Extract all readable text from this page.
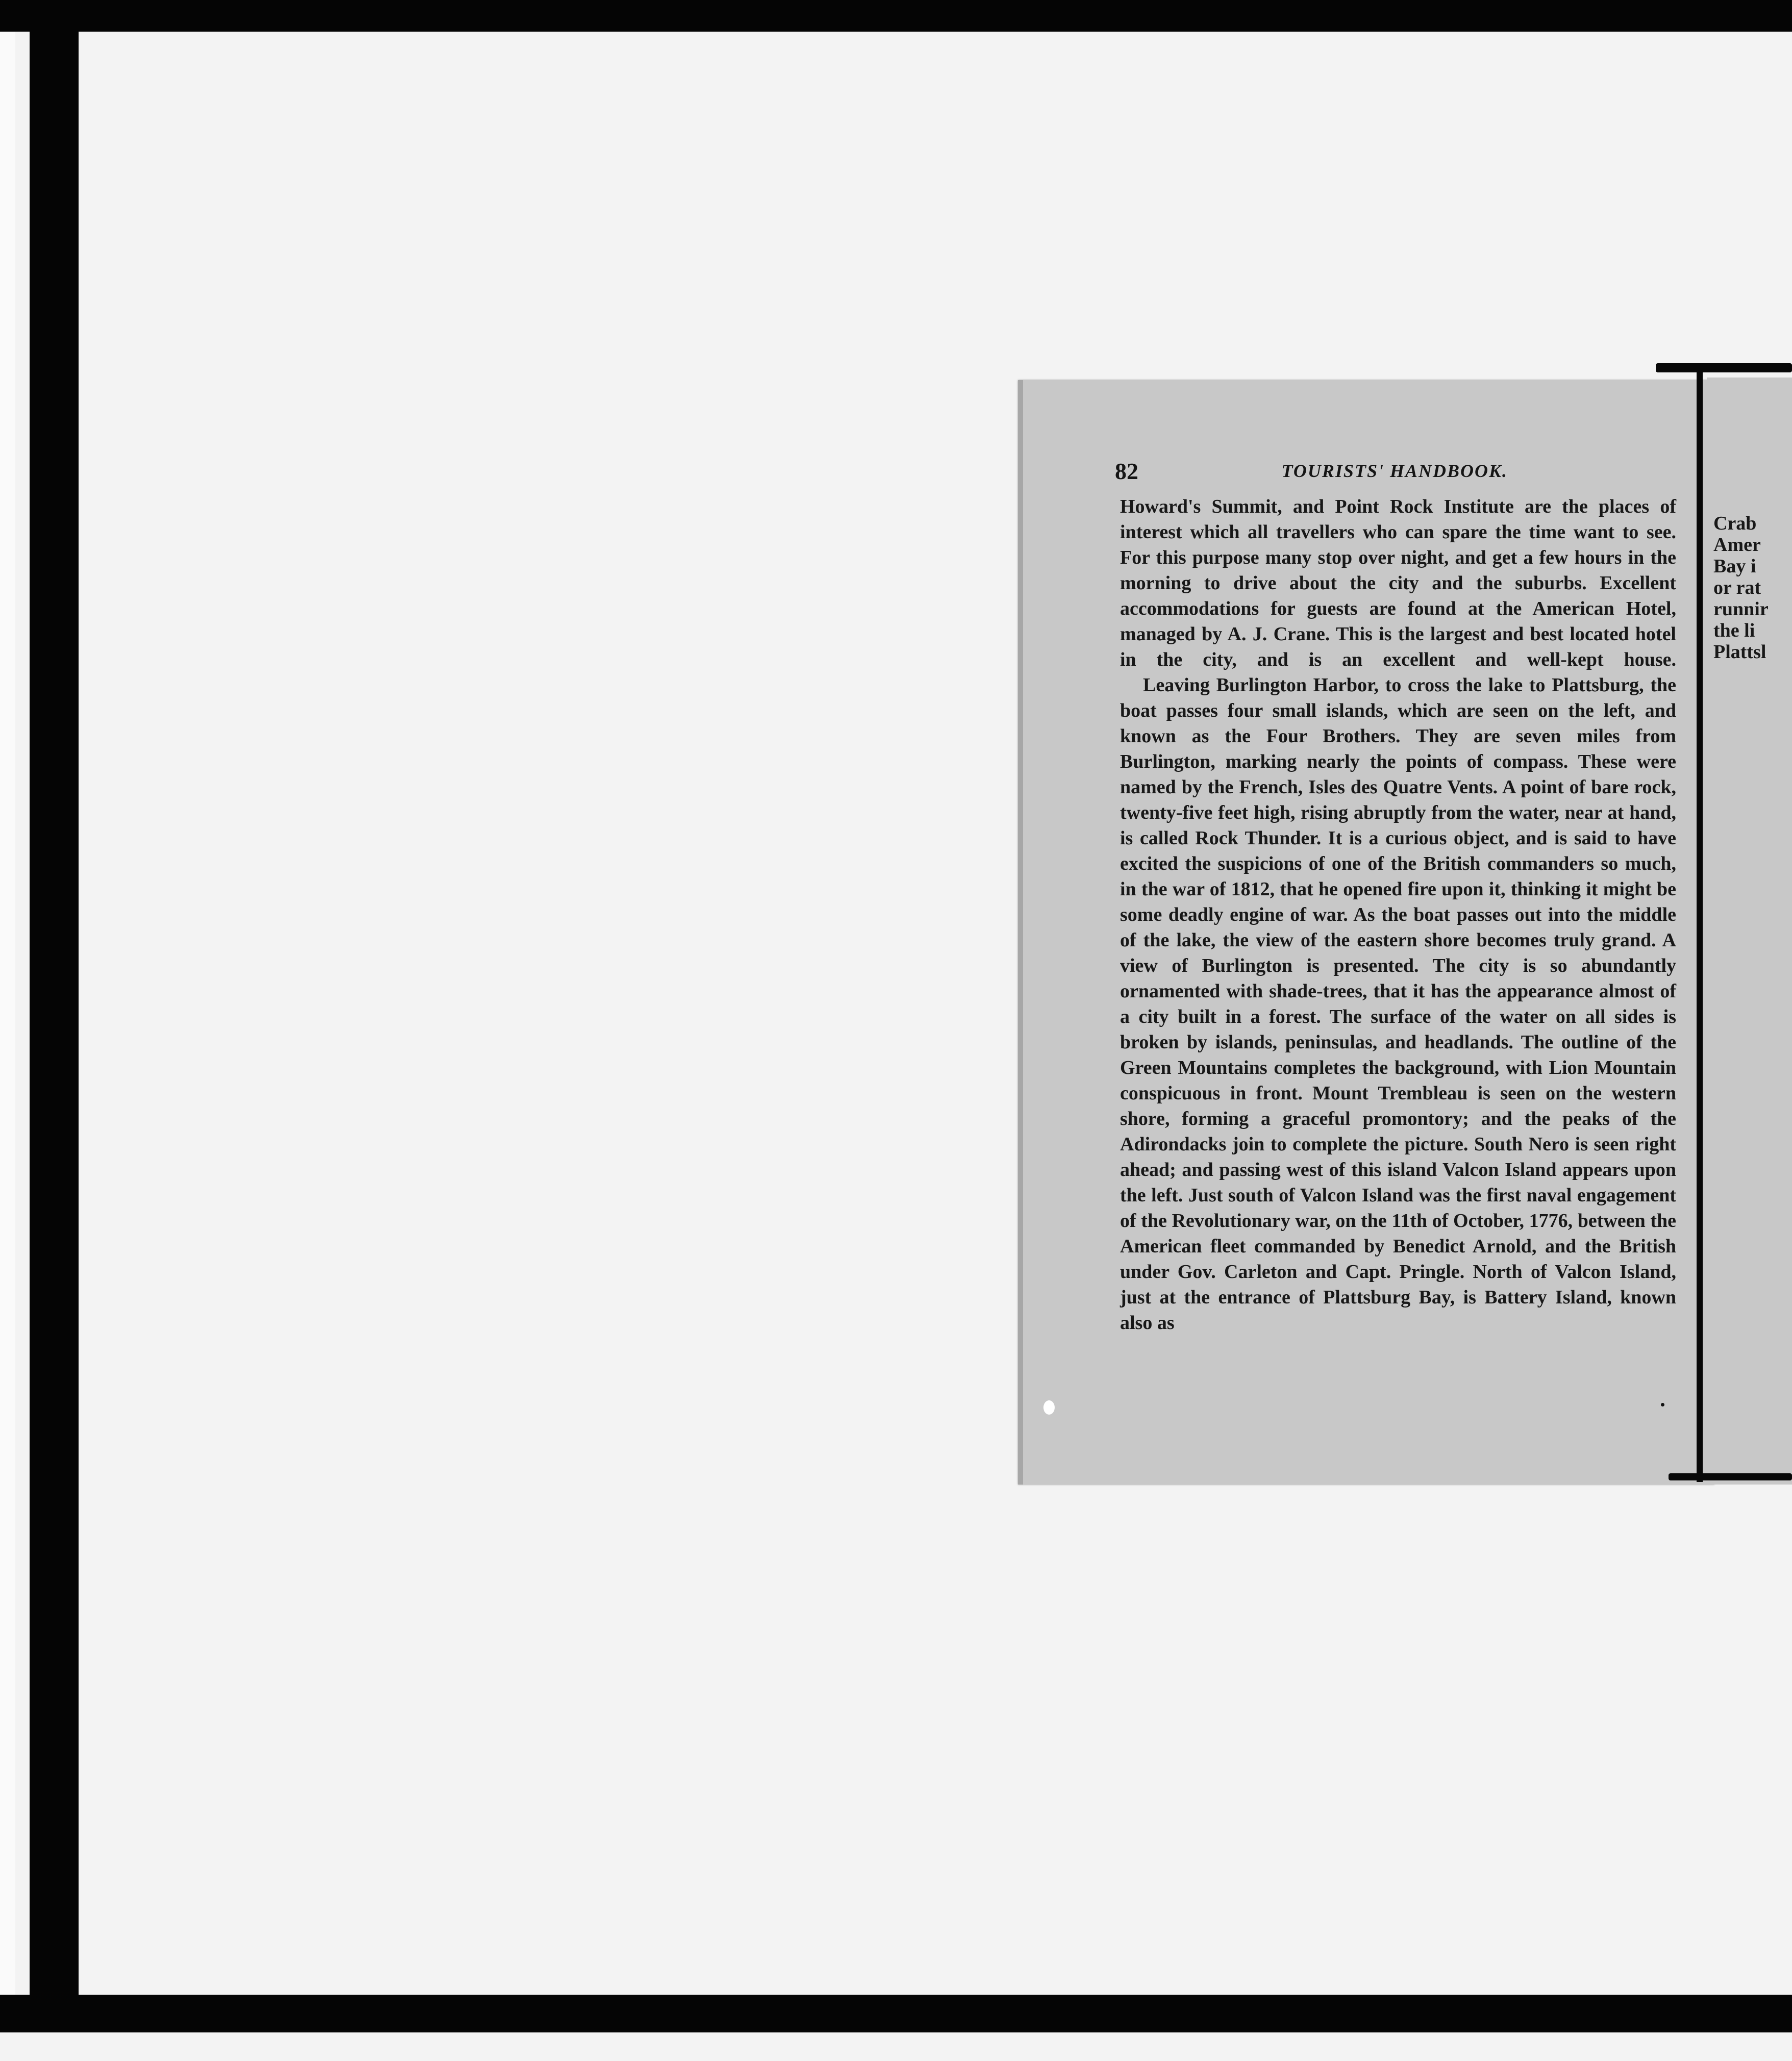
82	TOURISTS' HANDBOOK.

Howard's Summit, and Point Rock Institute are the places of interest which all travellers who can spare the time want to see. For this purpose many stop over night, and get a few hours in the morning to drive about the city and the suburbs. Excellent accommodations for guests are found at the American Hotel, managed by A. J. Crane. This is the largest and best located hotel in the city, and is an excellent and well-kept house.

Leaving Burlington Harbor, to cross the lake to Plattsburg, the boat passes four small islands, which are seen on the left, and known as the Four Brothers. They are seven miles from Burlington, marking nearly the points of compass. These were named by the French, Isles des Quatre Vents. A point of bare rock, twenty-five feet high, rising abruptly from the water, near at hand, is called Rock Thunder. It is a curious object, and is said to have excited the suspicions of one of the British commanders so much, in the war of 1812, that he opened fire upon it, thinking it might be some deadly engine of war. As the boat passes out into the middle of the lake, the view of the eastern shore becomes truly grand. A view of Burlington is presented. The city is so abundantly ornamented with shade-trees, that it has the appearance almost of a city built in a forest. The surface of the water on all sides is broken by islands, peninsulas, and headlands. The outline of the Green Mountains completes the background, with Lion Mountain conspicuous in front. Mount Trembleau is seen on the western shore, forming a graceful promontory; and the peaks of the Adirondacks join to complete the picture. South Nero is seen right ahead; and passing west of this island Valcon Island appears upon the left. Just south of Valcon Island was the first naval engagement of the Revolutionary war, on the 11th of October, 1776, between the American fleet commanded by Benedict Arnold, and the British under Gov. Carleton and Capt. Pringle. North of Valcon Island, just at the entrance of Plattsburg Bay, is Battery Island, known also as

Crab
Amer
Bay i
or rat
runnir
the li
Plattsl
